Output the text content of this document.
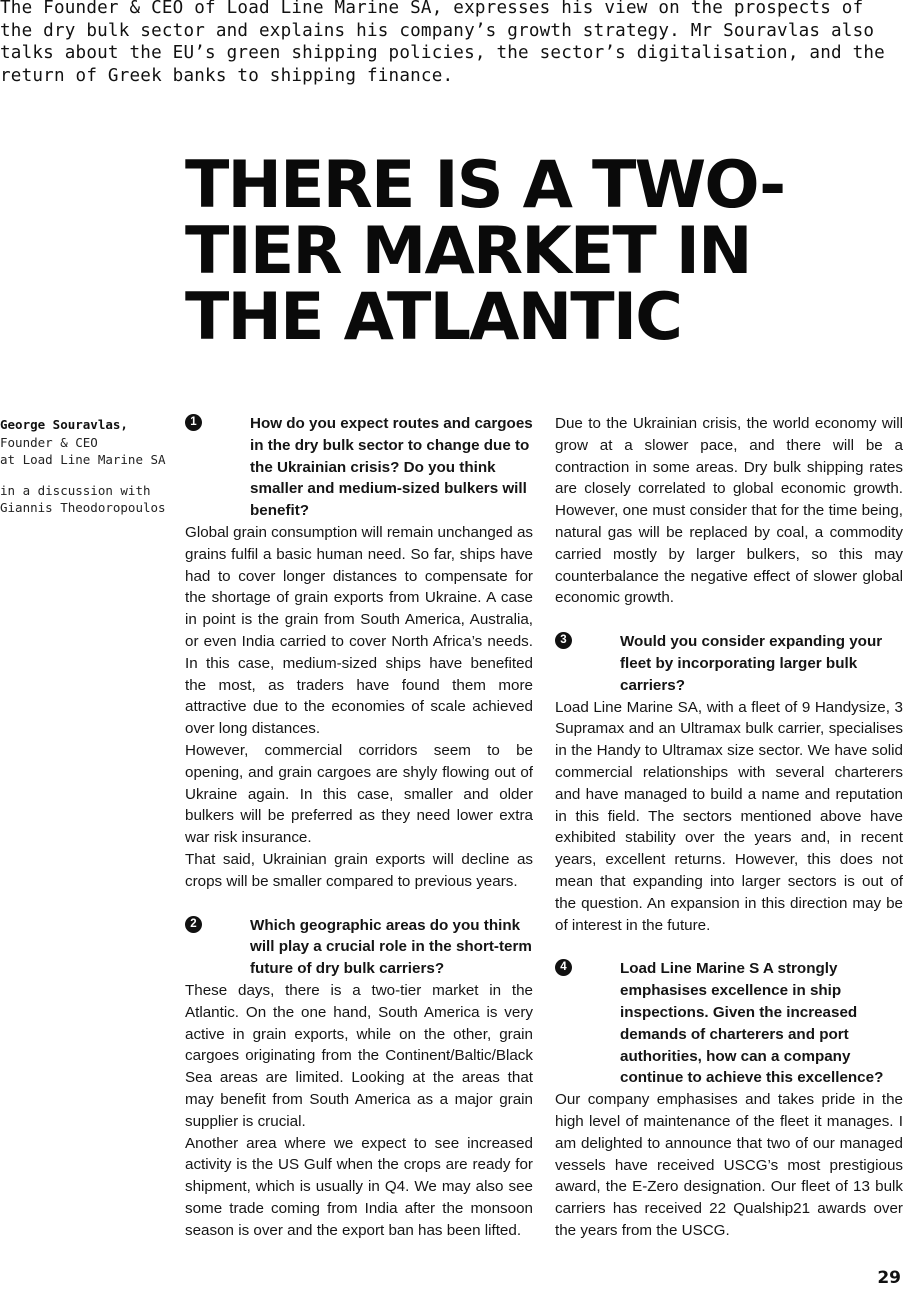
The Founder & CEO of Load Line Marine SA, expresses his view on the prospects of the dry bulk sector and explains his company’s growth strategy. Mr Souravlas also talks about the EU’s green shipping policies, the sector’s digitalisation, and the return of Greek banks to shipping finance.

THERE IS A TWO-TIER MARKET IN THE ATLANTIC
George Souravlas,
Founder & CEO
at Load Line Marine SA
in a discussion with
Giannis Theodoropoulos
1	How do you expect routes and cargoes in the dry bulk sector to change due to the Ukrainian crisis? Do you think smaller and medium-sized bulkers will benefit?

Global grain consumption will remain unchanged as grains fulfil a basic human need. So far, ships have had to cover longer distances to compensate for the shortage of grain exports from Ukraine. A case in point is the grain from South America, Australia, or even India carried to cover North Africa’s needs. In this case, medium-sized ships have benefited the most, as traders have found them more attractive due to the economies of scale achieved over long distances.

However, commercial corridors seem to be opening, and grain cargoes are shyly flowing out of Ukraine again. In this case, smaller and older bulkers will be preferred as they need lower extra war risk insurance.

That said, Ukrainian grain exports will decline as crops will be smaller compared to previous years.

2	Which geographic areas do you think will play a crucial role in the short-term future of dry bulk carriers?

These days, there is a two-tier market in the Atlantic. On the one hand, South America is very active in grain exports, while on the other, grain cargoes originating from the Continent/Baltic/Black Sea areas are limited. Looking at the areas that may benefit from South America as a major grain supplier is crucial.

Another area where we expect to see increased activity is the US Gulf when the crops are ready for shipment, which is usually in Q4. We may also see some trade coming from India after the monsoon season is over and the export ban has been lifted.

Due to the Ukrainian crisis, the world economy will grow at a slower pace, and there will be a contraction in some areas. Dry bulk shipping rates are closely correlated to global economic growth. However, one must consider that for the time being, natural gas will be replaced by coal, a commodity carried mostly by larger bulkers, so this may counterbalance the negative effect of slower global economic growth.

3	Would you consider expanding your fleet by incorporating larger bulk carriers?

Load Line Marine SA, with a fleet of 9 Handysize, 3 Supramax and an Ultramax bulk carrier, specialises in the Handy to Ultramax size sector. We have solid commercial relationships with several charterers and have managed to build a name and reputation in this field. The sectors mentioned above have exhibited stability over the years and, in recent years, excellent returns. However, this does not mean that expanding into larger sectors is out of the question. An expansion in this direction may be of interest in the future.

4	Load Line Marine S A strongly emphasises excellence in ship inspections. Given the increased demands of charterers and port authorities, how can a company continue to achieve this excellence?

Our company emphasises and takes pride in the high level of maintenance of the fleet it manages. I am delighted to announce that two of our managed vessels have received USCG’s most prestigious award, the E-Zero designation. Our fleet of 13 bulk carriers has received 22 Qualship21 awards over the years from the USCG.

29
